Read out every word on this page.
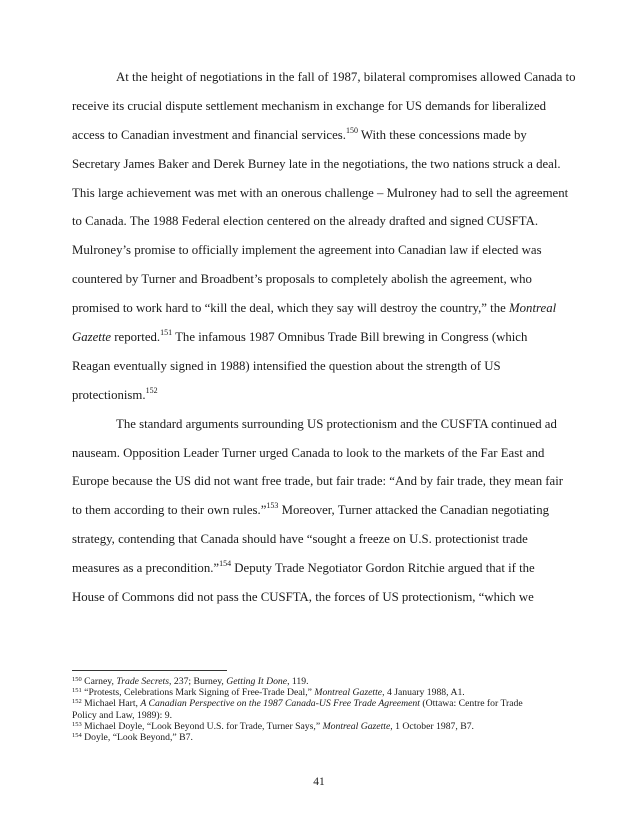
At the height of negotiations in the fall of 1987, bilateral compromises allowed Canada to
receive its crucial dispute settlement mechanism in exchange for US demands for liberalized
access to Canadian investment and financial services.$^{150}$ With these concessions made by
Secretary James Baker and Derek Burney late in the negotiations, the two nations struck a deal.
This large achievement was met with an onerous challenge – Mulroney had to sell the agreement
to Canada. The 1988 Federal election centered on the already drafted and signed CUSFTA.
Mulroney’s promise to officially implement the agreement into Canadian law if elected was
countered by Turner and Broadbent’s proposals to completely abolish the agreement, who
promised to work hard to “kill the deal, which they say will destroy the country,” the Montreal
Gazette reported.$^{151}$ The infamous 1987 Omnibus Trade Bill brewing in Congress (which
Reagan eventually signed in 1988) intensified the question about the strength of US
protectionism.$^{152}$
The standard arguments surrounding US protectionism and the CUSFTA continued ad
nauseam. Opposition Leader Turner urged Canada to look to the markets of the Far East and
Europe because the US did not want free trade, but fair trade: “And by fair trade, they mean fair
to them according to their own rules.”$^{153}$ Moreover, Turner attacked the Canadian negotiating
strategy, contending that Canada should have “sought a freeze on U.S. protectionist trade
measures as a precondition.”$^{154}$ Deputy Trade Negotiator Gordon Ritchie argued that if the
House of Commons did not pass the CUSFTA, the forces of US protectionism, “which we
$^{150}$ Carney, Trade Secrets, 237; Burney, Getting It Done, 119.
$^{151}$ “Protests, Celebrations Mark Signing of Free-Trade Deal,” Montreal Gazette, 4 January 1988, A1.
$^{152}$ Michael Hart, A Canadian Perspective on the 1987 Canada-US Free Trade Agreement (Ottawa: Centre for Trade
Policy and Law, 1989): 9.
$^{153}$ Michael Doyle, “Look Beyond U.S. for Trade, Turner Says,” Montreal Gazette, 1 October 1987, B7.
$^{154}$ Doyle, “Look Beyond,” B7.
41
